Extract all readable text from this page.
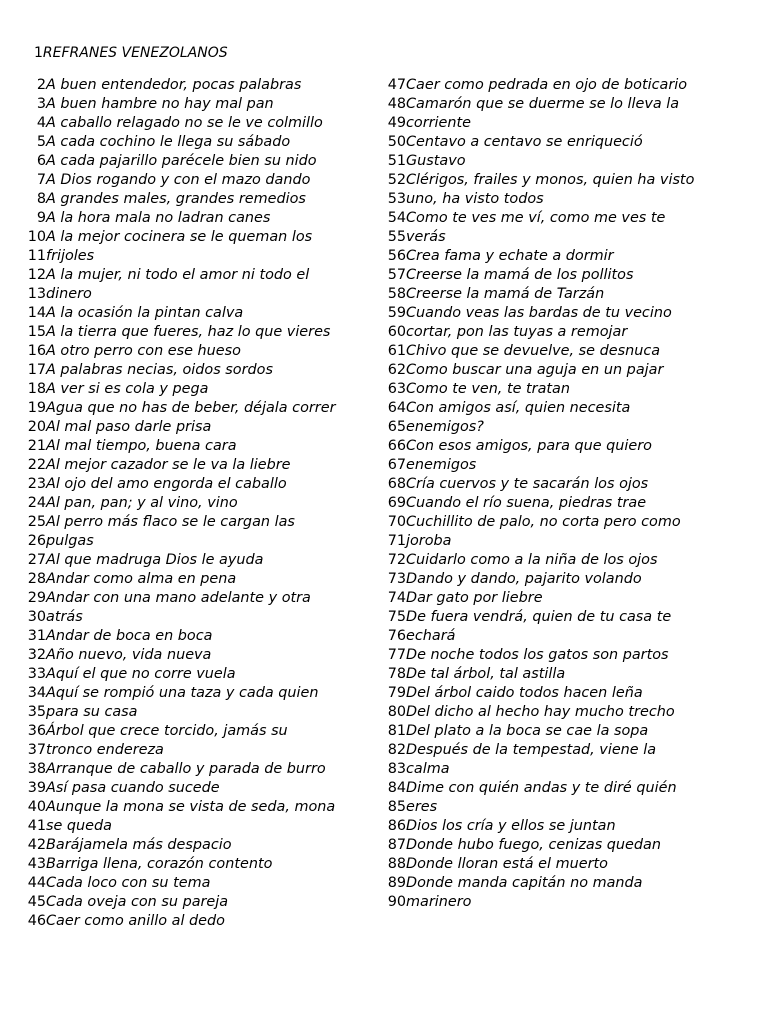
1REFRANES VENEZOLANOS
2 A buen entendedor, pocas palabras
3 A buen hambre no hay mal pan
4 A caballo relagado no se le ve colmillo
5 A cada cochino le llega su sábado
6 A cada pajarillo parécele bien su nido
7 A Dios rogando y con el mazo dando
8 A grandes males, grandes remedios
9 A la hora mala no ladran canes
10 A la mejor cocinera se le queman los
11 frijoles
12 A la mujer, ni todo el amor ni todo el
13 dinero
14 A la ocasión la pintan calva
15 A la tierra que fueres, haz lo que vieres
16 A otro perro con ese hueso
17 A palabras necias, oidos sordos
18 A ver si es cola y pega
19 Agua que no has de beber, déjala correr
20 Al mal paso darle prisa
21 Al mal tiempo, buena cara
22 Al mejor cazador se le va la liebre
23 Al ojo del amo engorda el caballo
24 Al pan, pan; y al vino, vino
25 Al perro más flaco se le cargan las
26 pulgas
27 Al que madruga Dios le ayuda
28 Andar como alma en pena
29 Andar con una mano adelante y otra
30 atrás
31 Andar de boca en boca
32 Año nuevo, vida nueva
33 Aquí el que no corre vuela
34 Aquí se rompió una taza y cada quien
35 para su casa
36 Árbol que crece torcido, jamás su
37 tronco endereza
38 Arranque de caballo y parada de burro
39 Así pasa cuando sucede
40 Aunque la mona se vista de seda, mona
41 se queda
42 Barájamela más despacio
43 Barriga llena, corazón contento
44 Cada loco con su tema
45 Cada oveja con su pareja
46 Caer como anillo al dedo
47 Caer como pedrada en ojo de boticario
48 Camarón que se duerme se lo lleva la
49 corriente
50 Centavo a centavo se enriqueció
51 Gustavo
52 Clérigos, frailes y monos, quien ha visto
53 uno, ha visto todos
54 Como te ves me ví, como me ves te
55 verás
56 Crea fama y echate a dormir
57 Creerse la mamá de los pollitos
58 Creerse la mamá de Tarzán
59 Cuando veas las bardas de tu vecino
60 cortar, pon las tuyas a remojar
61 Chivo que se devuelve, se desnuca
62 Como buscar una aguja en un pajar
63 Como te ven, te tratan
64 Con amigos así, quien necesita
65 enemigos?
66 Con esos amigos, para que quiero
67 enemigos
68 Cría cuervos y te sacarán los ojos
69 Cuando el río suena, piedras trae
70 Cuchillito de palo, no corta pero como
71 joroba
72 Cuidarlo como a la niña de los ojos
73 Dando y dando, pajarito volando
74 Dar gato por liebre
75 De fuera vendrá, quien de tu casa te
76 echará
77 De noche todos los gatos son partos
78 De tal árbol, tal astilla
79 Del árbol caido todos hacen leña
80 Del dicho al hecho hay mucho trecho
81 Del plato a la boca se cae la sopa
82 Después de la tempestad, viene la
83 calma
84 Dime con quién andas y te diré quién
85 eres
86 Dios los cría y ellos se juntan
87 Donde hubo fuego, cenizas quedan
88 Donde lloran está el muerto
89 Donde manda capitán no manda
90 marinero
